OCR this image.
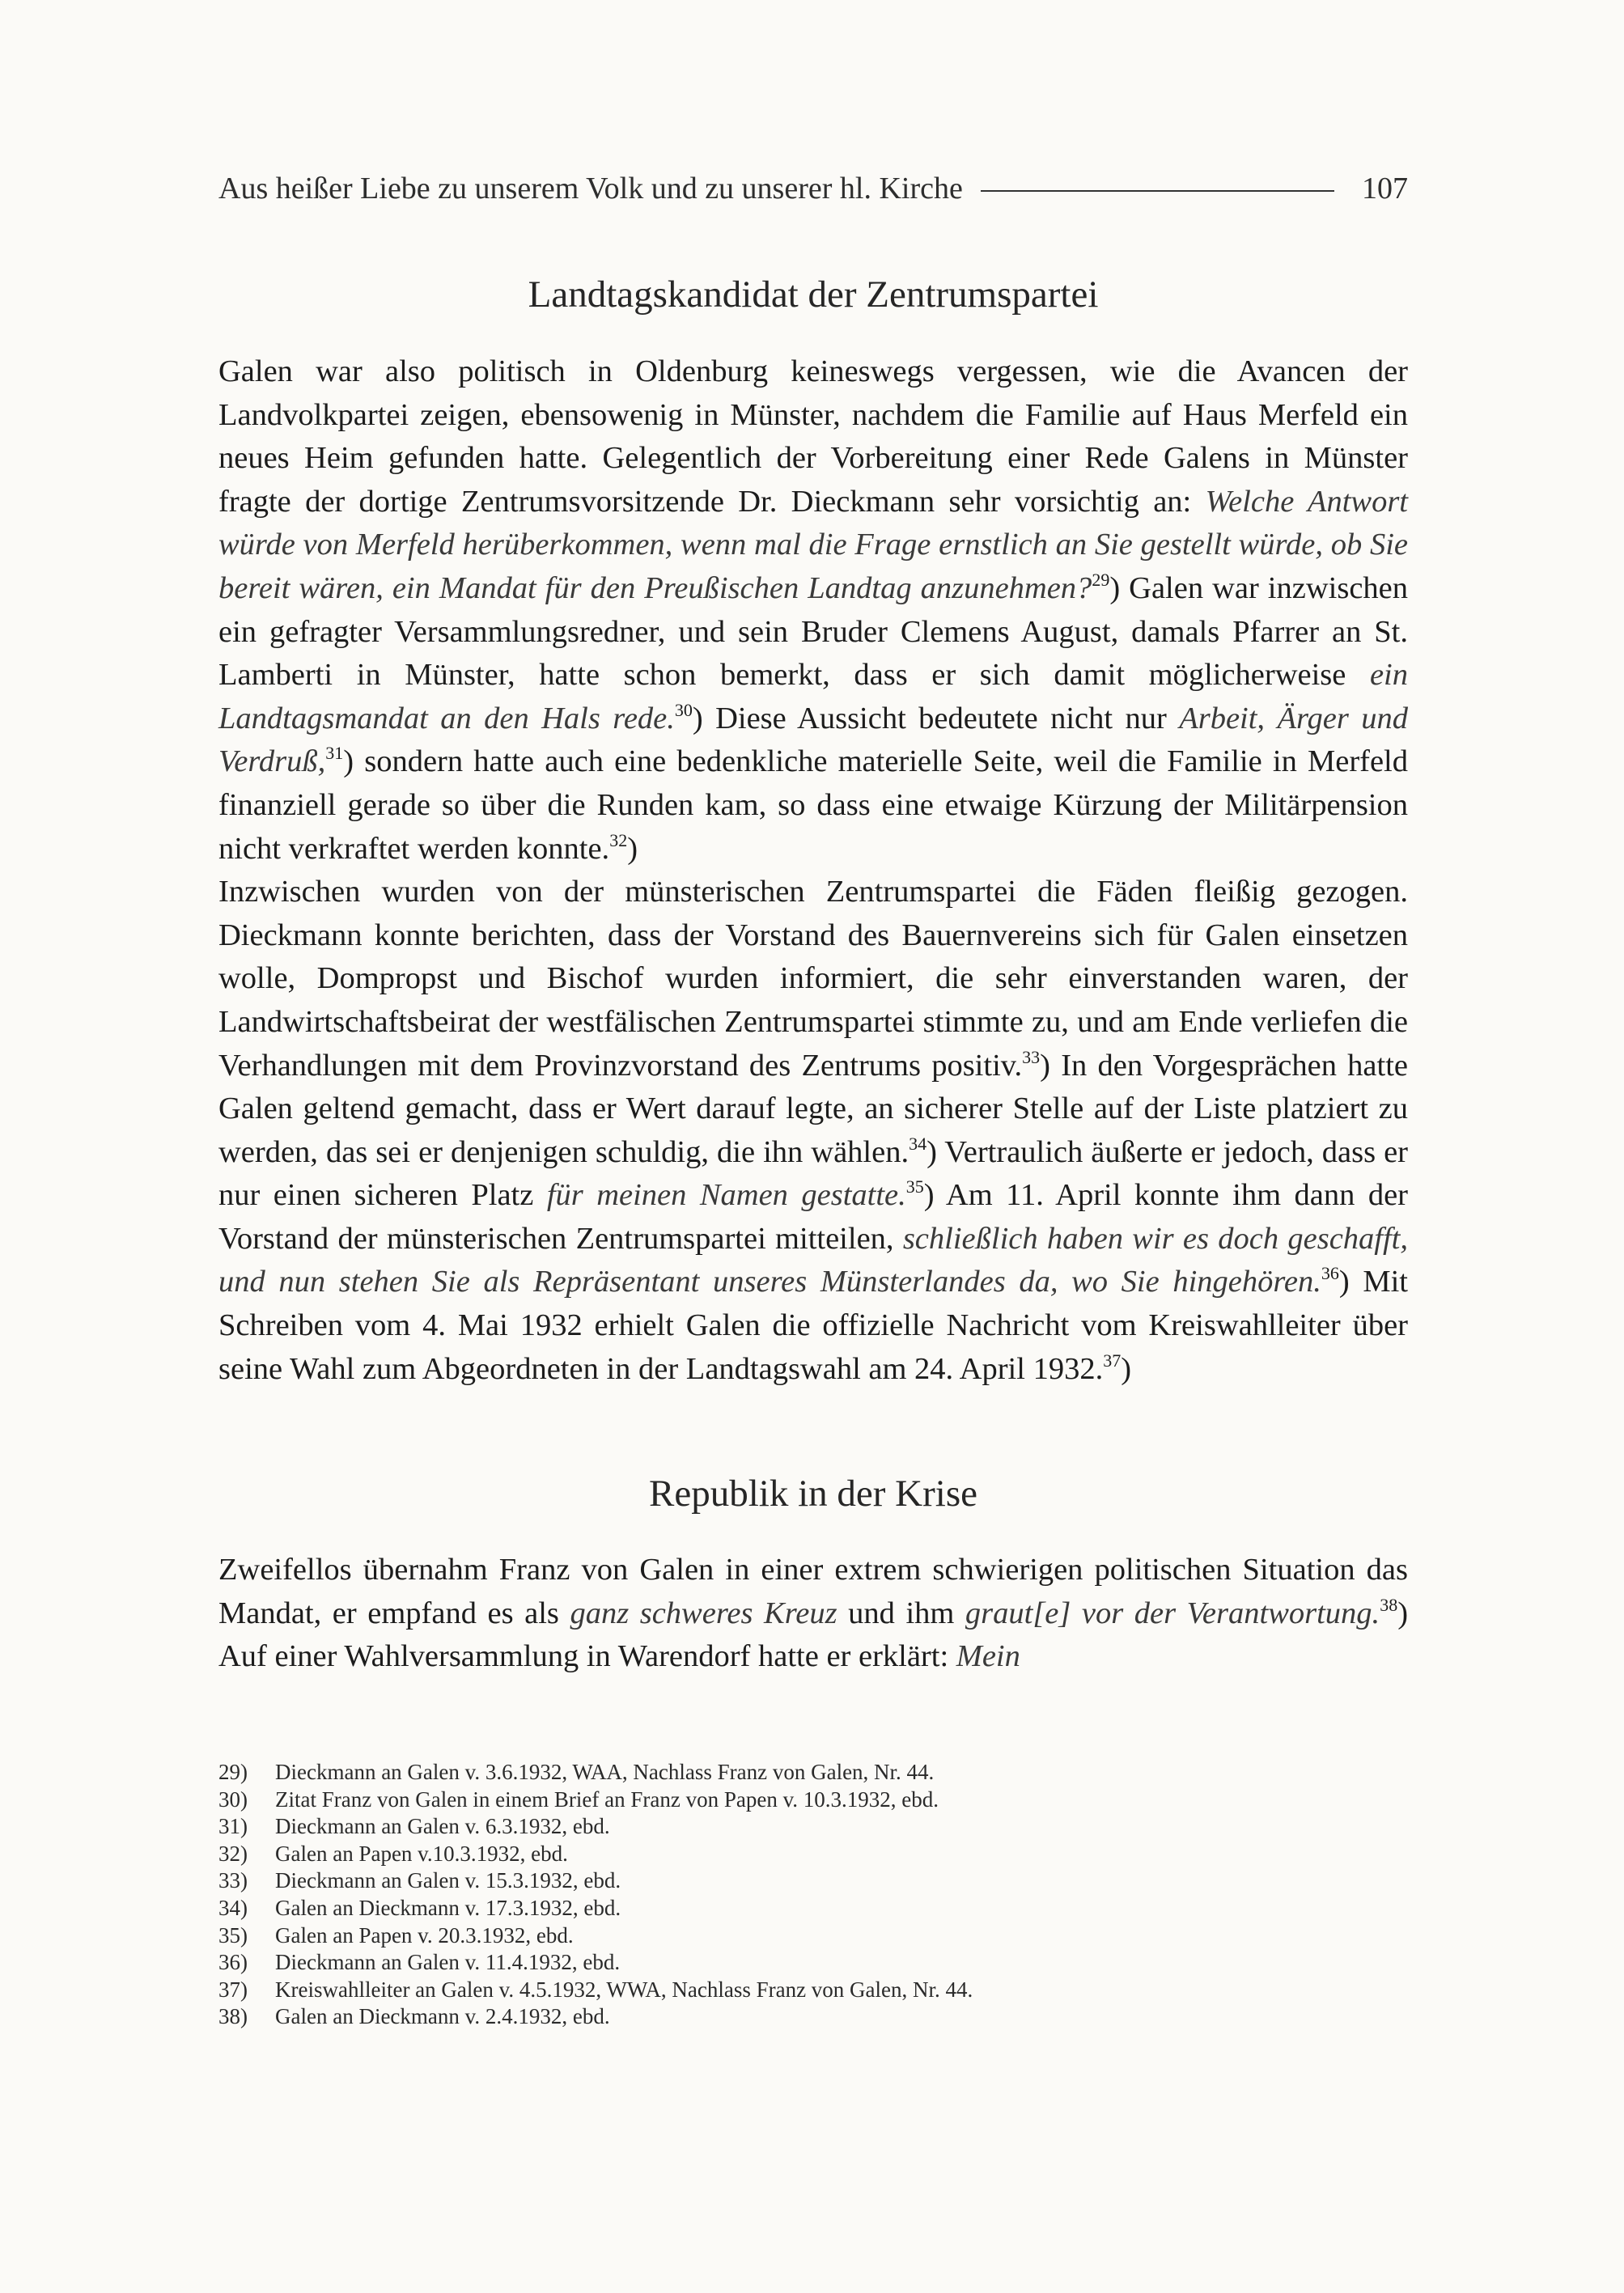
Aus heißer Liebe zu unserem Volk und zu unserer hl. Kirche	107
Landtagskandidat der Zentrumspartei

Galen war also politisch in Oldenburg keineswegs vergessen, wie die Avancen der Landvolkpartei zeigen, ebensowenig in Münster, nachdem die Familie auf Haus Merfeld ein neues Heim gefunden hatte. Gelegentlich der Vorbereitung einer Rede Galens in Münster fragte der dortige Zentrumsvorsitzende Dr. Dieckmann sehr vorsichtig an: Welche Antwort würde von Merfeld herüberkommen, wenn mal die Frage ernstlich an Sie gestellt würde, ob Sie bereit wären, ein Mandat für den Preußischen Landtag anzunehmen?$^{29}$) Galen war inzwischen ein gefragter Versammlungsredner, und sein Bruder Clemens August, damals Pfarrer an St. Lamberti in Münster, hatte schon bemerkt, dass er sich damit möglicherweise ein Landtagsmandat an den Hals rede.$^{30}$) Diese Aussicht bedeutete nicht nur Arbeit, Ärger und Verdruß,$^{31}$) sondern hatte auch eine bedenkliche materielle Seite, weil die Familie in Merfeld finanziell gerade so über die Runden kam, so dass eine etwaige Kürzung der Militärpension nicht verkraftet werden konnte.$^{32}$)

Inzwischen wurden von der münsterischen Zentrumspartei die Fäden fleißig gezogen. Dieckmann konnte berichten, dass der Vorstand des Bauernvereins sich für Galen einsetzen wolle, Dompropst und Bischof wurden informiert, die sehr einverstanden waren, der Landwirtschaftsbeirat der westfälischen Zentrumspartei stimmte zu, und am Ende verliefen die Verhandlungen mit dem Provinzvorstand des Zentrums positiv.$^{33}$) In den Vorgesprächen hatte Galen geltend gemacht, dass er Wert darauf legte, an sicherer Stelle auf der Liste platziert zu werden, das sei er denjenigen schuldig, die ihn wählen.$^{34}$) Vertraulich äußerte er jedoch, dass er nur einen sicheren Platz für meinen Namen gestatte.$^{35}$) Am 11. April konnte ihm dann der Vorstand der münsterischen Zentrumspartei mitteilen, schließlich haben wir es doch geschafft, und nun stehen Sie als Repräsentant unseres Münsterlandes da, wo Sie hingehören.$^{36}$) Mit Schreiben vom 4. Mai 1932 erhielt Galen die offizielle Nachricht vom Kreiswahlleiter über seine Wahl zum Abgeordneten in der Landtagswahl am 24. April 1932.37)

Republik in der Krise

Zweifellos übernahm Franz von Galen in einer extrem schwierigen politischen Situation das Mandat, er empfand es als ganz schweres Kreuz und ihm graut[e] vor der Verantwortung.$^{38}$) Auf einer Wahlversammlung in Warendorf hatte er erklärt: Mein

29)	Dieckmann an Galen v. 3.6.1932, WAA, Nachlass Franz von Galen, Nr. 44.
30)	Zitat Franz von Galen in einem Brief an Franz von Papen v. 10.3.1932, ebd.
31)	Dieckmann an Galen v. 6.3.1932, ebd.
32)	Galen an Papen v.10.3.1932, ebd.
33)	Dieckmann an Galen v. 15.3.1932, ebd.
34)	Galen an Dieckmann v. 17.3.1932, ebd.
35)	Galen an Papen v. 20.3.1932, ebd.
36)	Dieckmann an Galen v. 11.4.1932, ebd.
37)	Kreiswahlleiter an Galen v. 4.5.1932, WWA, Nachlass Franz von Galen, Nr. 44.
38)	Galen an Dieckmann v. 2.4.1932, ebd.
